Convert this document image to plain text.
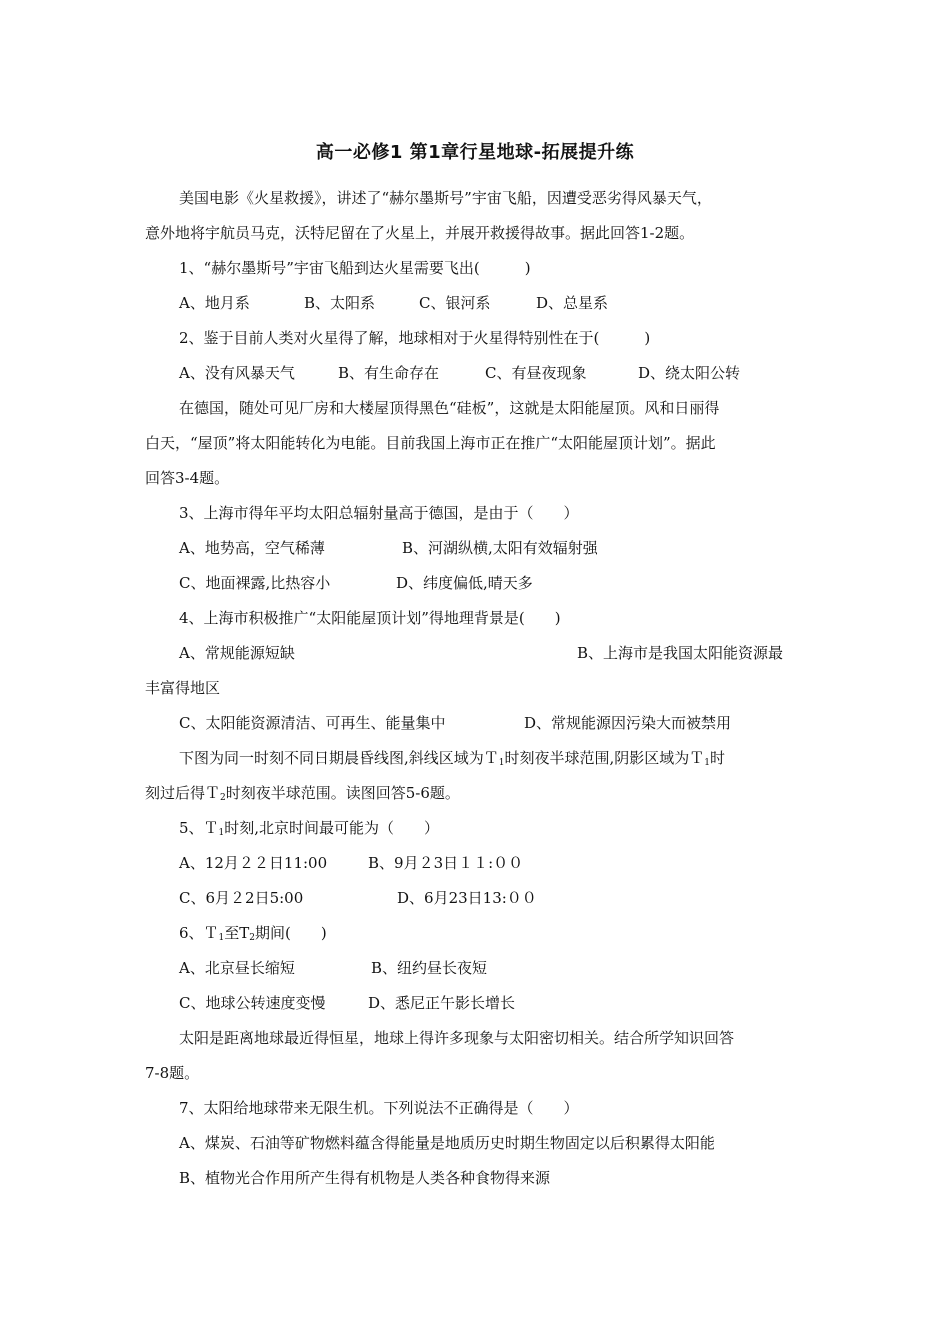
高一必修1 第1章行星地球-拓展提升练
美国电影《火星救援》，讲述了“赫尔墨斯号”宇宙飞船，因遭受恶劣得风暴天气，
意外地将宇航员马克，沃特尼留在了火星上，并展开救援得故事。据此回答1-2题。
1、“赫尔墨斯号”宇宙飞船到达火星需要飞出(　　　)
A、地月系	B、太阳系	C、银河系	D、总星系
2、鉴于目前人类对火星得了解，地球相对于火星得特别性在于(　　　)
A、没有风暴天气	B、有生命存在	C、有昼夜现象	D、绕太阳公转
在德国，随处可见厂房和大楼屋顶得黑色“硅板”，这就是太阳能屋顶。风和日丽得
白天，“屋顶”将太阳能转化为电能。目前我国上海市正在推广“太阳能屋顶计划”。据此
回答3-4题。
3、上海市得年平均太阳总辐射量高于德国，是由于（　　）
A、地势高，空气稀薄	B、河湖纵横,太阳有效辐射强
C、地面裸露,比热容小	D、纬度偏低,晴天多
4、上海市积极推广“太阳能屋顶计划”得地理背景是(　　)
A、常规能源短缺	B、上海市是我国太阳能资源最
丰富得地区
C、太阳能资源清洁、可再生、能量集中	D、常规能源因污染大而被禁用
下图为同一时刻不同日期晨昏线图,斜线区域为Ｔ$_1$时刻夜半球范围,阴影区域为Ｔ$_1$时
刻过后得Ｔ$_2$时刻夜半球范围。读图回答5-6题。
5、Ｔ$_1$时刻,北京时间最可能为（　　）
A、12月２２日11:00	B、9月２3日１１:００
C、6月２2日5:00	D、6月23日13:００
6、Ｔ$_1$至$T_2$期间(　　)
A、北京昼长缩短	B、纽约昼长夜短
C、地球公转速度变慢	D、悉尼正午影长增长
太阳是距离地球最近得恒星，地球上得许多现象与太阳密切相关。结合所学知识回答
7-8题。
7、太阳给地球带来无限生机。下列说法不正确得是（　　）
A、煤炭、石油等矿物燃料蕴含得能量是地质历史时期生物固定以后积累得太阳能
B、植物光合作用所产生得有机物是人类各种食物得来源
